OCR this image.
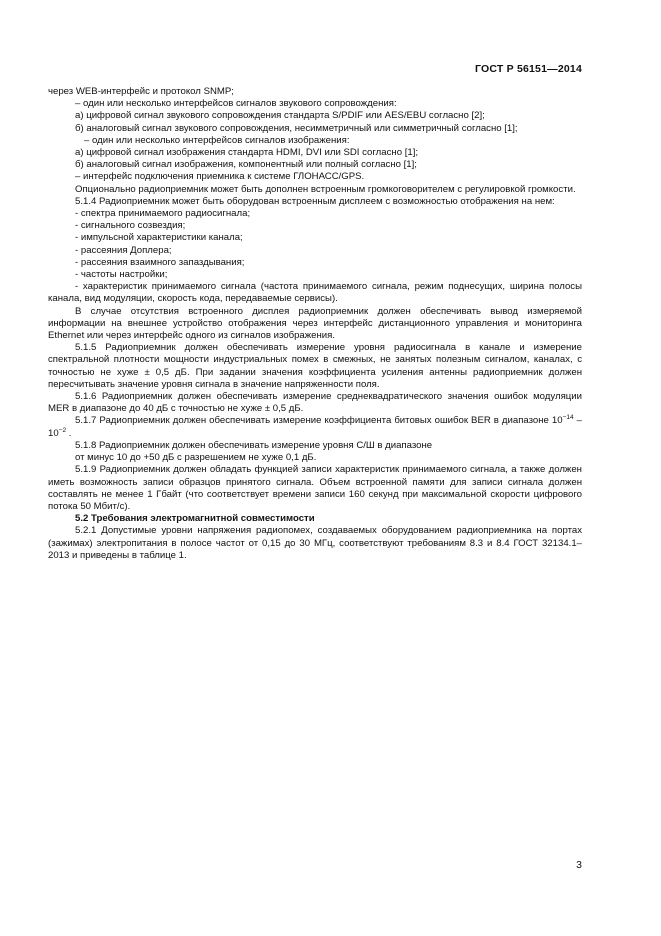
ГОСТ Р 56151—2014

через WEB-интерфейс и протокол SNMP;

– один или несколько интерфейсов сигналов звукового сопровождения:

а) цифровой сигнал звукового сопровождения стандарта S/PDIF или AES/EBU согласно [2];

б) аналоговый сигнал звукового сопровождения, несимметричный или симметричный согласно [1];

– один или несколько интерфейсов сигналов изображения:

а) цифровой сигнал изображения стандарта HDMI, DVI или SDI согласно [1];

б) аналоговый сигнал изображения, компонентный или полный согласно [1];

– интерфейс подключения приемника к системе ГЛОНАСС/GPS.

Опционально радиоприемник может быть дополнен встроенным громкоговорителем с регулировкой громкости.

5.1.4 Радиоприемник может быть оборудован встроенным дисплеем с возможностью отображения на нем:

- спектра принимаемого радиосигнала;

- сигнального созвездия;

- импульсной характеристики канала;

- рассеяния Доплера;

- рассеяния взаимного запаздывания;

- частоты настройки;

- характеристик принимаемого сигнала (частота принимаемого сигнала, режим поднесущих, ширина полосы канала, вид модуляции, скорость кода, передаваемые сервисы).

В случае отсутствия встроенного дисплея радиоприемник должен обеспечивать вывод измеряемой информации на внешнее устройство отображения через интерфейс дистанционного управления и мониторинга Ethernet или через интерфейс одного из сигналов изображения.

5.1.5 Радиоприемник должен обеспечивать измерение уровня радиосигнала в канале и измерение спектральной плотности мощности индустриальных помех в смежных, не занятых полезным сигналом, каналах, с точностью не хуже ± 0,5 дБ. При задании значения коэффициента усиления антенны радиоприемник должен пересчитывать значение уровня сигнала в значение напряженности поля.

5.1.6 Радиоприемник должен обеспечивать измерение среднеквадратического значения ошибок модуляции MER в диапазоне до 40 дБ с точностью не хуже ± 0,5 дБ.

5.1.7 Радиоприемник должен обеспечивать измерение коэффициента битовых ошибок BER в диапазоне $10^{-14} - 10^{-2}$ .

5.1.8 Радиоприемник должен обеспечивать измерение уровня С/Ш в диапазоне

от минус 10 до +50 дБ с разрешением не хуже 0,1 дБ.

5.1.9 Радиоприемник должен обладать функцией записи характеристик принимаемого сигнала, а также должен иметь возможность записи образцов принятого сигнала. Объем встроенной памяти для записи сигнала должен составлять не менее 1 Гбайт (что соответствует времени записи 160 секунд при максимальной скорости цифрового потока 50 Мбит/с).

5.2 Требования электромагнитной совместимости

5.2.1 Допустимые уровни напряжения радиопомех, создаваемых оборудованием радиоприемника на портах (зажимах) электропитания в полосе частот от 0,15 до 30 МГц, соответствуют требованиям 8.3 и 8.4 ГОСТ 32134.1–2013 и приведены в таблице 1.

3
